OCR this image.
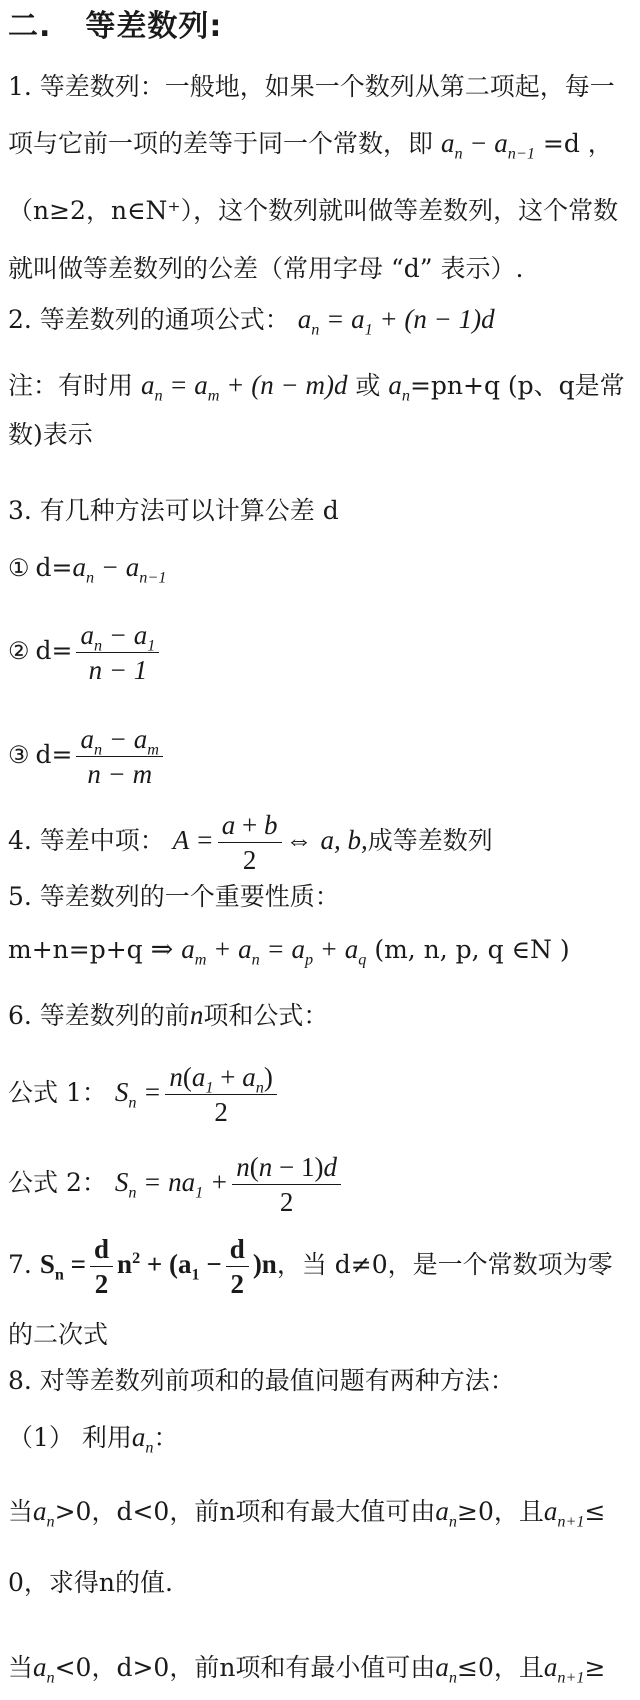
二. 等差数列:
1. 等差数列：一般地，如果一个数列从第二项起，每一
项与它前一项的差等于同一个常数，即 $a_n - a_{n-1} =d$ ，
（n≥2，n∈N⁺），这个数列就叫做等差数列，这个常数
就叫做等差数列的公差（常用字母 “d” 表示）.
2. 等差数列的通项公式： $a_n = a_1 + (n - 1)d$
注：有时用 $a_n = a_m + (n - m)d$ 或 $a_n=pn+q$ (p、q是常
数)表示
3. 有几种方法可以计算公差 d
① $d=a_n - a_{n-1}$
② $d= \frac{a_n - a_1}{n - 1}$
③ $d= \frac{a_n - a_m}{n - m}$
4. 等差中项： $A = \frac{a + b}{2}$ ⇔ a, b,成等差数列
5. 等差数列的一个重要性质：
m+n=p+q ⇒ $a_m + a_n = a_p + a_q$ (m, n, p, q ∈N )
6. 等差数列的前n项和公式：
公式 1： $S_n = \frac{n(a_1 + a_n)}{2}$
公式 2： $S_n = na_1 + \frac{n(n - 1)d}{2}$
7. $S_n = \frac{d}{2} n^2 + (a_1 - \frac{d}{2} )n$，当 d≠0，是一个常数项为零
的二次式
8. 对等差数列前项和的最值问题有两种方法：
（1） 利用$a_n$：
当$a_n>0$，d<0，前n项和有最大值可由$a_n\ge 0$，且$a_{n+1}\le$
0，求得n的值.
当$a_n<0$，d>0，前n项和有最小值可由$a_n\le 0$，且$a_{n+1}\ge$
